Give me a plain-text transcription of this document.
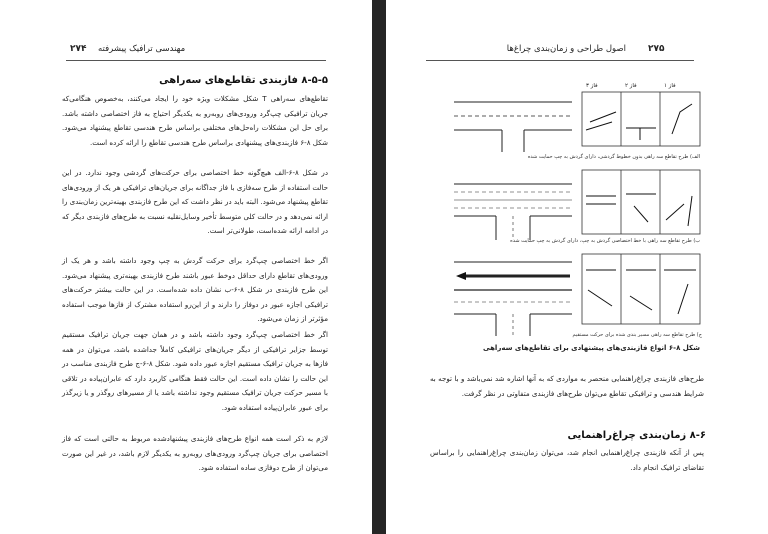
۲۷۴ مهندسی ترافیک پیشرفته
۸-۵-۵ فازبندی تقاطع‌های سه‌راهی
تقاطع‌های سه‌راهی T شکل مشکلات ویژه خود را ایجاد می‌کنند، به‌خصوص هنگامی‌که جریان ترافیکی چپ‌گرد ورودی‌های روبه‌رو به یکدیگر احتیاج به فاز اختصاصی داشته باشد. برای حل این مشکلات راه‌حل‌های مختلفی براساس طرح هندسی تقاطع پیشنهاد می‌شود. شکل ۸-۶ فازبندی‌های پیشنهادی براساس طرح هندسی تقاطع را ارائه کرده است.
در شکل ۸-۶-الف هیچ‌گونه خط اختصاصی برای حرکت‌های گردشی وجود ندارد. در این حالت استفاده از طرح سه‌فازی با فاز جداگانه برای جریان‌های ترافیکی هر یک از ورودی‌های تقاطع پیشنهاد می‌شود. البته باید در نظر داشت که این طرح فازبندی بهینه‌ترین زمان‌بندی را ارائه نمی‌دهد و در حالت کلی متوسط تأخیر وسایل‌نقلیه نسبت به طرح‌های فازبندی دیگر که در ادامه ارائه شده‌است، طولانی‌تر است.
اگر خط اختصاصی چپ‌گرد برای حرکت گردش به چپ وجود داشته باشد و هر یک از ورودی‌های تقاطع دارای حداقل دوخط عبور باشند طرح فازبندی بهینه‌تری پیشنهاد می‌شود. این طرح فازبندی در شکل ۸-۶-ب نشان داده شده‌است. در این حالت بیشتر حرکت‌های ترافیکی اجازه عبور در دوفاز را دارند و از این‌رو استفاده مشترک از فازها موجب استفاده مؤثرتر از زمان می‌شود.
اگر خط اختصاصی چپ‌گرد وجود داشته باشد و در همان جهت جریان ترافیک مستقیم توسط جزایر ترافیکی از دیگر جریان‌های ترافیکی کاملاً جداشده باشد، می‌توان در همه فازها به جریان ترافیک مستقیم اجازه عبور داده شود. شکل ۸-۶-ج طرح فازبندی مناسب در این حالت را نشان داده است. این حالت فقط هنگامی کاربرد دارد که عابران‌پیاده در تلاقی با مسیر حرکت جریان ترافیک مستقیم وجود نداشته باشد یا از مسیرهای روگذر و یا زیرگذر برای عبور عابران‌پیاده استفاده شود.
لازم به ذکر است همه انواع طرح‌های فازبندی پیشنهادشده مربوط به حالتی است که فاز اختصاصی برای جریان چپ‌گرد ورودی‌های روبه‌رو به یکدیگر لازم باشد، در غیر این صورت می‌توان از طرح دوفازی ساده استفاده شود.
اصول طراحی و زمان‌بندی چراغ‌ها ۲۷۵
فاز ۳	فاز ۲	فاز ۱
الف) طرح تقاطع سه راهی بدون خطوط گردشی، دارای گردش به چپ حمایت شده
ب) طرح تقاطع سه راهی با خط اختصاصی گردش به چپ، دارای گردش به چپ حمایت شده
ج) طرح تقاطع سه راهی مسیر بندی شده برای حرکت مستقیم
شکل ۸-۶ انواع فازبندی‌های پیشنهادی برای تقاطع‌های سه‌راهی
طرح‌های فازبندی چراغ‌راهنمایی منحصر به مواردی که به آنها اشاره شد نمی‌باشد و با توجه به شرایط هندسی و ترافیکی تقاطع می‌توان طرح‌های فازبندی متفاوتی در نظر گرفت.
۸-۶ زمان‌بندی چراغ‌راهنمایی
پس از آنکه فازبندی چراغ‌راهنمایی انجام شد، می‌توان زمان‌بندی چراغ‌راهنمایی را براساس تقاضای ترافیک انجام داد.
